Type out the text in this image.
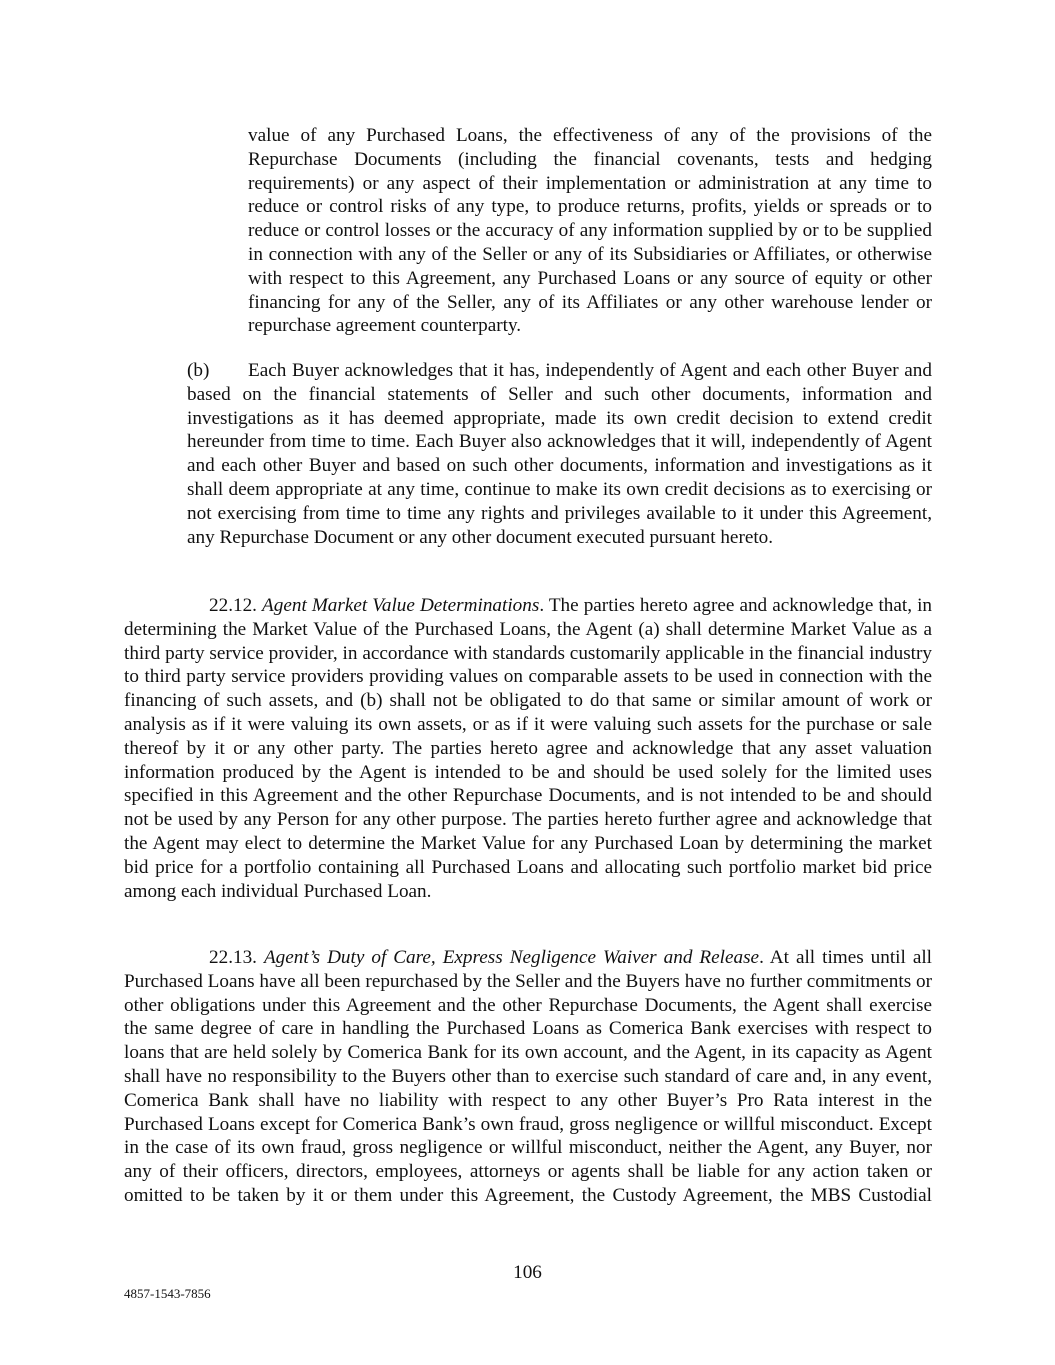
value of any Purchased Loans, the effectiveness of any of the provisions of the Repurchase Documents (including the financial covenants, tests and hedging requirements) or any aspect of their implementation or administration at any time to reduce or control risks of any type, to produce returns, profits, yields or spreads or to reduce or control losses or the accuracy of any information supplied by or to be supplied in connection with any of the Seller or any of its Subsidiaries or Affiliates, or otherwise with respect to this Agreement, any Purchased Loans or any source of equity or other financing for any of the Seller, any of its Affiliates or any other warehouse lender or repurchase agreement counterparty.

(b) Each Buyer acknowledges that it has, independently of Agent and each other Buyer and based on the financial statements of Seller and such other documents, information and investigations as it has deemed appropriate, made its own credit decision to extend credit hereunder from time to time. Each Buyer also acknowledges that it will, independently of Agent and each other Buyer and based on such other documents, information and investigations as it shall deem appropriate at any time, continue to make its own credit decisions as to exercising or not exercising from time to time any rights and privileges available to it under this Agreement, any Repurchase Document or any other document executed pursuant hereto.

22.12. Agent Market Value Determinations. The parties hereto agree and acknowledge that, in determining the Market Value of the Purchased Loans, the Agent (a) shall determine Market Value as a third party service provider, in accordance with standards customarily applicable in the financial industry to third party service providers providing values on comparable assets to be used in connection with the financing of such assets, and (b) shall not be obligated to do that same or similar amount of work or analysis as if it were valuing its own assets, or as if it were valuing such assets for the purchase or sale thereof by it or any other party. The parties hereto agree and acknowledge that any asset valuation information produced by the Agent is intended to be and should be used solely for the limited uses specified in this Agreement and the other Repurchase Documents, and is not intended to be and should not be used by any Person for any other purpose. The parties hereto further agree and acknowledge that the Agent may elect to determine the Market Value for any Purchased Loan by determining the market bid price for a portfolio containing all Purchased Loans and allocating such portfolio market bid price among each individual Purchased Loan.

22.13. Agent’s Duty of Care, Express Negligence Waiver and Release. At all times until all Purchased Loans have all been repurchased by the Seller and the Buyers have no further commitments or other obligations under this Agreement and the other Repurchase Documents, the Agent shall exercise the same degree of care in handling the Purchased Loans as Comerica Bank exercises with respect to loans that are held solely by Comerica Bank for its own account, and the Agent, in its capacity as Agent shall have no responsibility to the Buyers other than to exercise such standard of care and, in any event, Comerica Bank shall have no liability with respect to any other Buyer’s Pro Rata interest in the Purchased Loans except for Comerica Bank’s own fraud, gross negligence or willful misconduct. Except in the case of its own fraud, gross negligence or willful misconduct, neither the Agent, any Buyer, nor any of their officers, directors, employees, attorneys or agents shall be liable for any action taken or omitted to be taken by it or them under this Agreement, the Custody Agreement, the MBS Custodial

106
4857-1543-7856
